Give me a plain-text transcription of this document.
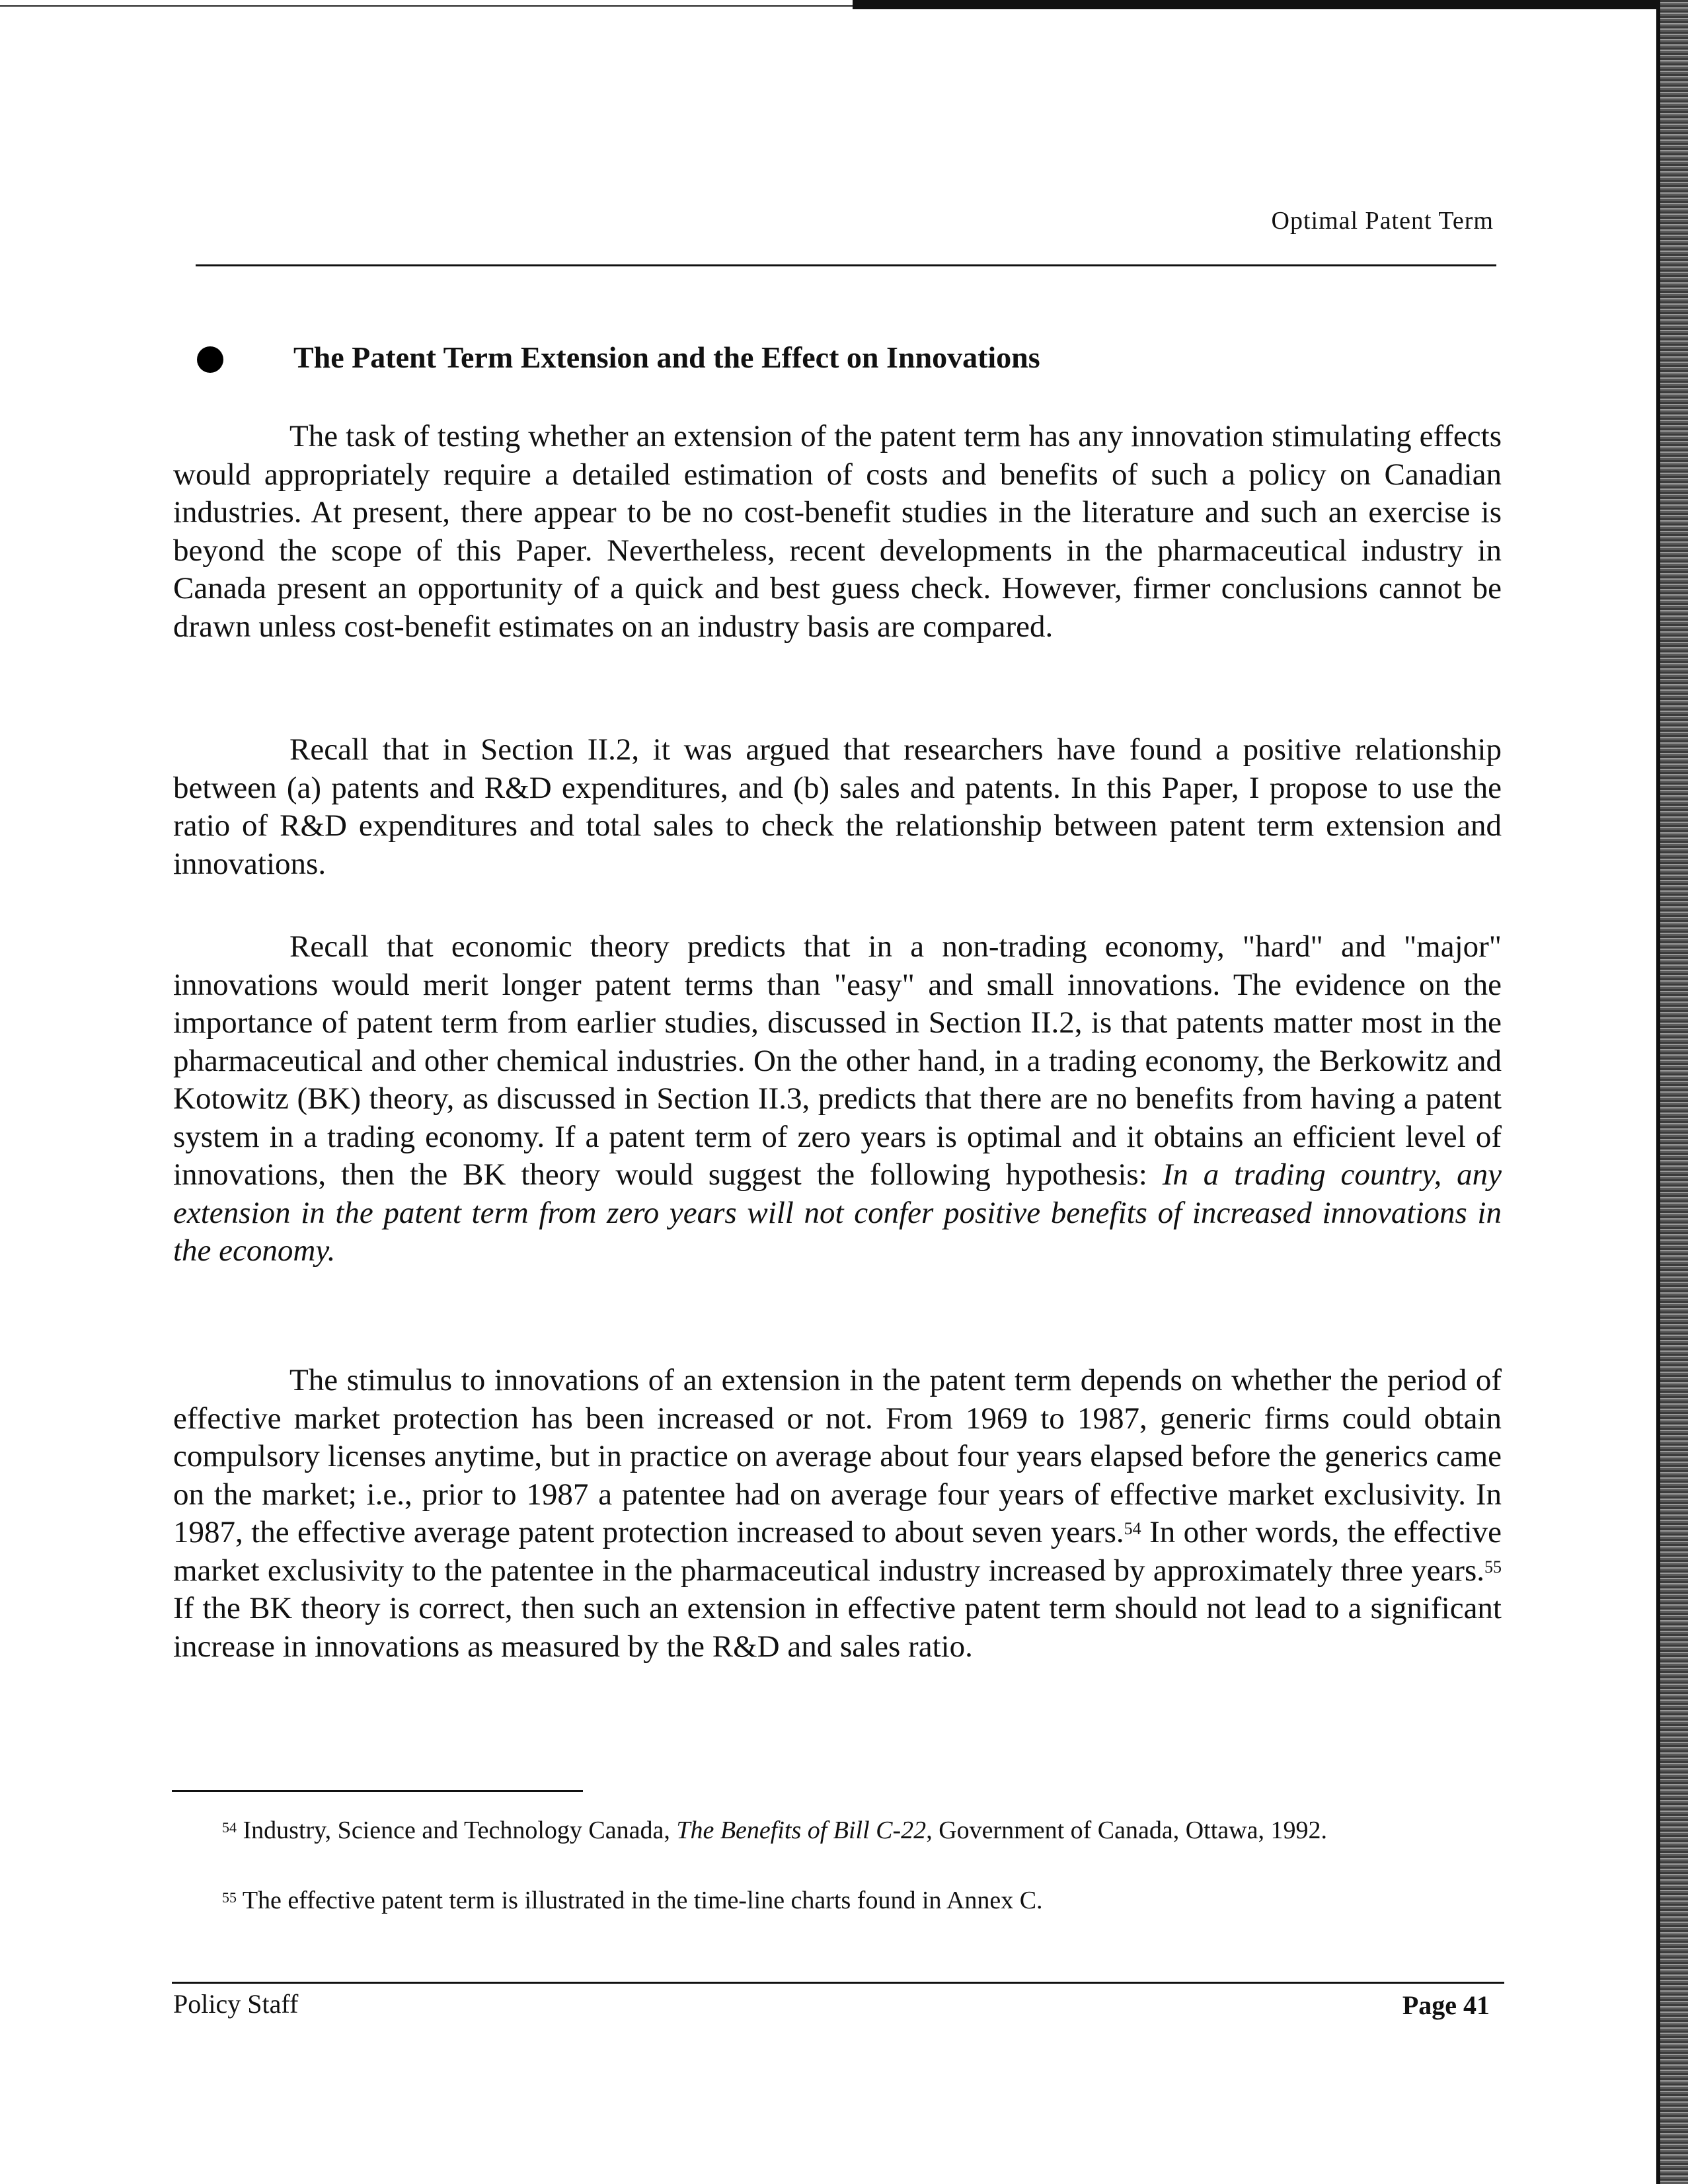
Optimal Patent Term
The Patent Term Extension and the Effect on Innovations

The task of testing whether an extension of the patent term has any innovation stimulating effects would appropriately require a detailed estimation of costs and benefits of such a policy on Canadian industries. At present, there appear to be no cost-benefit studies in the literature and such an exercise is beyond the scope of this Paper. Nevertheless, recent developments in the pharmaceutical industry in Canada present an opportunity of a quick and best guess check. However, firmer conclusions cannot be drawn unless cost-benefit estimates on an industry basis are compared.

Recall that in Section II.2, it was argued that researchers have found a positive relationship between (a) patents and R&D expenditures, and (b) sales and patents. In this Paper, I propose to use the ratio of R&D expenditures and total sales to check the relationship between patent term extension and innovations.

Recall that economic theory predicts that in a non-trading economy, "hard" and "major" innovations would merit longer patent terms than "easy" and small innovations. The evidence on the importance of patent term from earlier studies, discussed in Section II.2, is that patents matter most in the pharmaceutical and other chemical industries. On the other hand, in a trading economy, the Berkowitz and Kotowitz (BK) theory, as discussed in Section II.3, predicts that there are no benefits from having a patent system in a trading economy. If a patent term of zero years is optimal and it obtains an efficient level of innovations, then the BK theory would suggest the following hypothesis: In a trading country, any extension in the patent term from zero years will not confer positive benefits of increased innovations in the economy.

The stimulus to innovations of an extension in the patent term depends on whether the period of effective market protection has been increased or not. From 1969 to 1987, generic firms could obtain compulsory licenses anytime, but in practice on average about four years elapsed before the generics came on the market; i.e., prior to 1987 a patentee had on average four years of effective market exclusivity. In 1987, the effective average patent protection increased to about seven years.$^{54}$ In other words, the effective market exclusivity to the patentee in the pharmaceutical industry increased by approximately three years.$^{55}$ If the BK theory is correct, then such an extension in effective patent term should not lead to a significant increase in innovations as measured by the R&D and sales ratio.

$^{54}$ Industry, Science and Technology Canada, The Benefits of Bill C-22, Government of Canada, Ottawa, 1992.

$^{55}$ The effective patent term is illustrated in the time-line charts found in Annex C.

Policy Staff	Page 41
